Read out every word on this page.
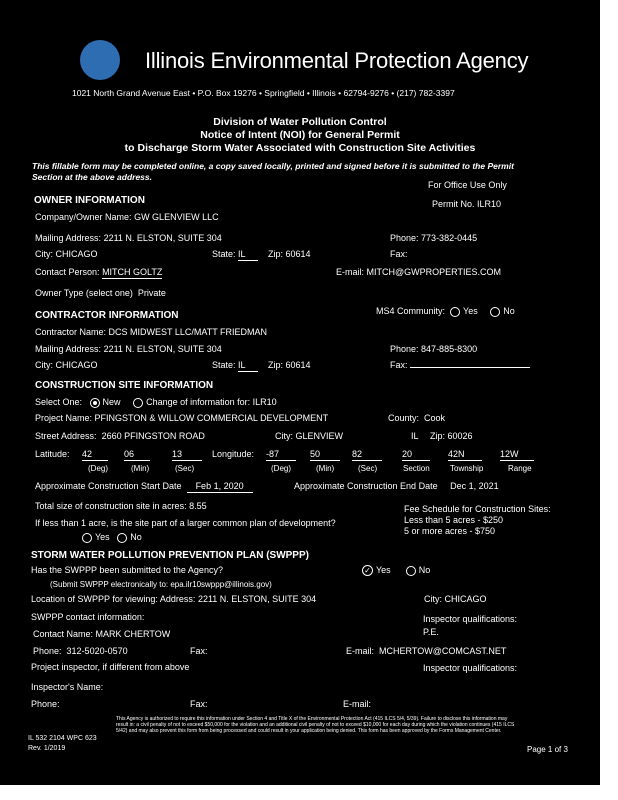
Illinois Environmental Protection Agency
1021 North Grand Avenue East • P.O. Box 19276 • Springfield • Illinois • 62794-9276 • (217) 782-3397
Division of Water Pollution Control
Notice of Intent (NOI) for General Permit
to Discharge Storm Water Associated with Construction Site Activities
This fillable form may be completed online, a copy saved locally, printed and signed before it is submitted to the Permit
Section at the above address.
For Office Use Only
OWNER INFORMATION	Permit No. ILR10
Company/Owner Name: GW GLENVIEW LLC
Mailing Address: 2211 N. ELSTON, SUITE 304	Phone: 773-382-0445
City: CHICAGO	State: IL	Zip: 60614	Fax:
Contact Person: MITCH GOLTZ	E-mail: MITCH@GWPROPERTIES.COM
Owner Type (select one) Private
MS4 Community: Yes	No
CONTRACTOR INFORMATION
Contractor Name: DCS MIDWEST LLC/MATT FRIEDMAN
Mailing Address: 2211 N. ELSTON, SUITE 304	Phone: 847-885-8300
City: CHICAGO	State: IL	Zip: 60614	Fax:
CONSTRUCTION SITE INFORMATION
Select One: New	Change of information for: ILR10
Project Name: PFINGSTON & WILLOW COMMERCIAL DEVELOPMENT	County: Cook
Street Address: 2660 PFINGSTON ROAD	City: GLENVIEW	IL Zip: 60026
Latitude: 42	06	13	Longitude: -87	50	82	20	42N	12W
(Deg)	(Min)	(Sec)	(Deg)	(Min)	(Sec)	Section	Township	Range
Approximate Construction Start Date Feb 1, 2020	Approximate Construction End Date Dec 1, 2021
Total size of construction site in acres: 8.55	Fee Schedule for Construction Sites:
Less than 5 acres - $250
5 or more acres - $750
If less than 1 acre, is the site part of a larger common plan of development?
Yes No
STORM WATER POLLUTION PREVENTION PLAN (SWPPP)
Has the SWPPP been submitted to the Agency?	✓ Yes	No
(Submit SWPPP electronically to: epa.ilr10swppp@illinois.gov)
Location of SWPPP for viewing: Address: 2211 N. ELSTON, SUITE 304	City: CHICAGO
SWPPP contact information:	Inspector qualifications:
Contact Name: MARK CHERTOW	P.E.
Phone: 312-5020-0570	Fax:	E-mail: MCHERTOW@COMCAST.NET
Project inspector, if different from above	Inspector qualifications:
Inspector's Name:
Phone:	Fax:	E-mail:
IL 532 2104 WPC 623
Rev. 1/2019
This Agency is authorized to require this information under Section 4 and Title X of the Environmental Protection Act (415 ILCS 5/4, 5/39). Failure to disclose this information may result in: a civil penalty of not to exceed $50,000 for the violation and an additional civil penalty of not to exceed $10,000 for each day during which the violation continues (415 ILCS 5/42) and may also prevent this form from being processed and could result in your application being denied. This form has been approved by the Forms Management Center.
Page 1 of 3
